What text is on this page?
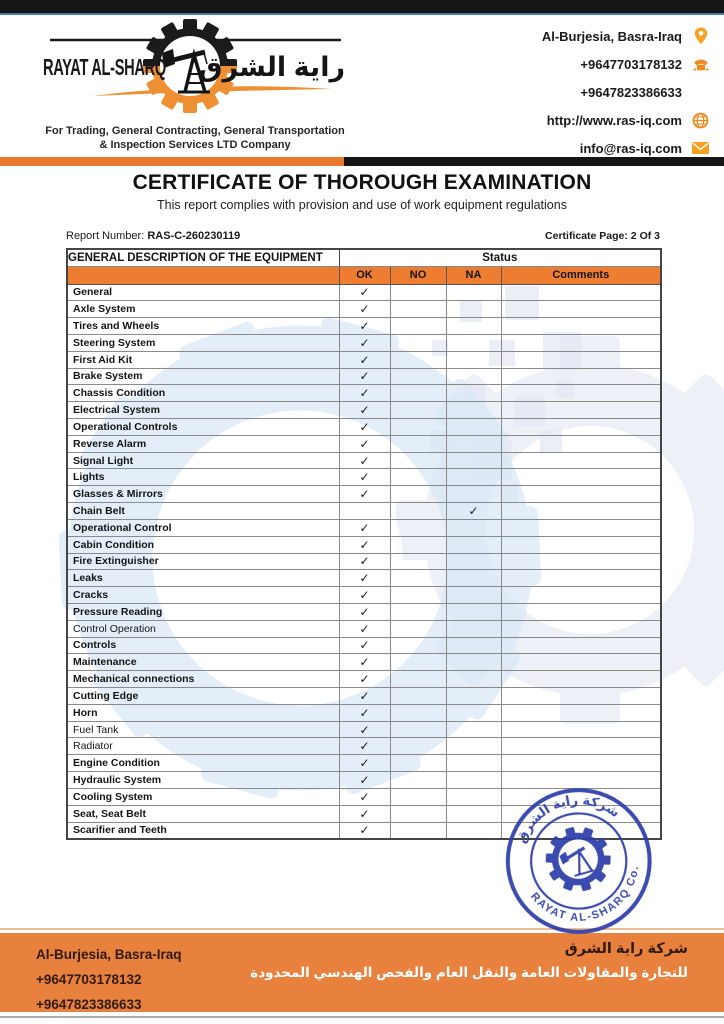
RAYAT AL-SHARQ راية الشرق
For Trading, General Contracting, General Transportation
& Inspection Services LTD Company
Al-Burjesia, Basra-Iraq
+9647703178132
+9647823386633
http://www.ras-iq.com
info@ras-iq.com
CERTIFICATE OF THOROUGH EXAMINATION
This report complies with provision and use of work equipment regulations
Report Number: RAS-C-260230119	Certificate Page: 2 Of 3
GENERAL DESCRIPTION OF THE EQUIPMENT	Status			
	OK	NO	NA	Comments
General	✓			
Axle System	✓			
Tires and Wheels	✓			
Steering System	✓			
First Aid Kit	✓			
Brake System	✓			
Chassis Condition	✓			
Electrical System	✓			
Operational Controls	✓			
Reverse Alarm	✓			
Signal Light	✓			
Lights	✓			
Glasses & Mirrors	✓			
Chain Belt			✓	
Operational Control	✓			
Cabin Condition	✓			
Fire Extinguisher	✓			
Leaks	✓			
Cracks	✓			
Pressure Reading	✓			
Control Operation	✓			
Controls	✓			
Maintenance	✓			
Mechanical connections	✓			
Cutting Edge	✓			
Horn	✓			
Fuel Tank	✓			
Radiator	✓			
Engine Condition	✓			
Hydraulic System	✓			
Cooling System	✓			
Seat, Seat Belt	✓			
Scarifier and Teeth	✓				شركة راية الشرق
RAYAT AL-SHARQ Co.
Al-Burjesia, Basra-Iraq
+9647703178132
+9647823386633
شركة راية الشرق
للتجارة والمقاولات العامة والنقل العام والفحص الهندسي المحدودة
